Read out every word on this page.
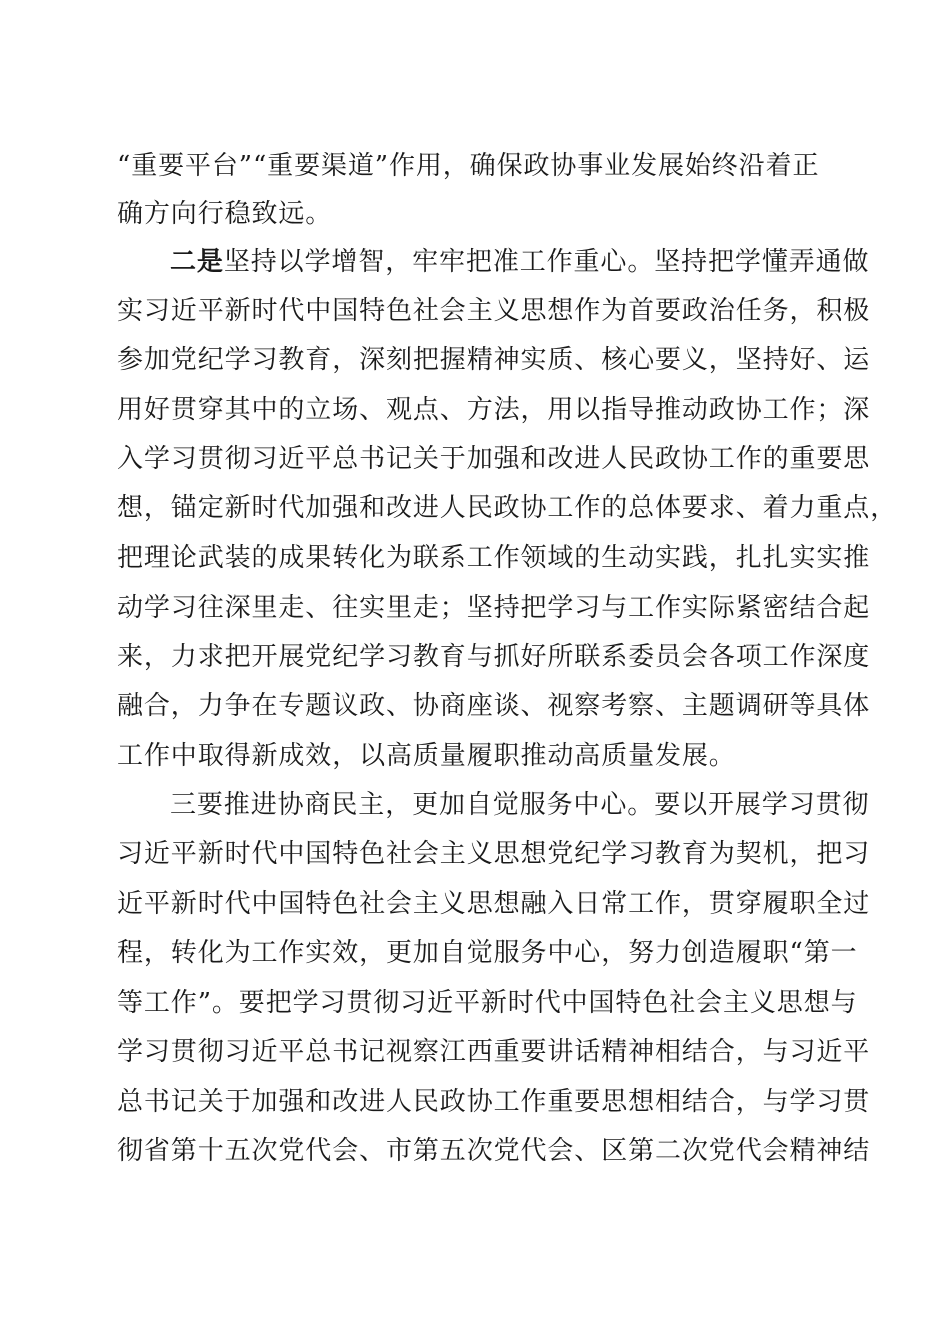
“重要平台”“重要渠道”作用，确保政协事业发展始终沿着正
确方向行稳致远。
二是坚持以学增智，牢牢把准工作重心。坚持把学懂弄通做
实习近平新时代中国特色社会主义思想作为首要政治任务，积极
参加党纪学习教育，深刻把握精神实质、核心要义，坚持好、运
用好贯穿其中的立场、观点、方法，用以指导推动政协工作；深
入学习贯彻习近平总书记关于加强和改进人民政协工作的重要思
想，锚定新时代加强和改进人民政协工作的总体要求、着力重点，
把理论武装的成果转化为联系工作领域的生动实践，扎扎实实推
动学习往深里走、往实里走；坚持把学习与工作实际紧密结合起
来，力求把开展党纪学习教育与抓好所联系委员会各项工作深度
融合，力争在专题议政、协商座谈、视察考察、主题调研等具体
工作中取得新成效，以高质量履职推动高质量发展。
三要推进协商民主，更加自觉服务中心。要以开展学习贯彻
习近平新时代中国特色社会主义思想党纪学习教育为契机，把习
近平新时代中国特色社会主义思想融入日常工作，贯穿履职全过
程，转化为工作实效，更加自觉服务中心，努力创造履职“第一
等工作”。要把学习贯彻习近平新时代中国特色社会主义思想与
学习贯彻习近平总书记视察江西重要讲话精神相结合，与习近平
总书记关于加强和改进人民政协工作重要思想相结合，与学习贯
彻省第十五次党代会、市第五次党代会、区第二次党代会精神结
